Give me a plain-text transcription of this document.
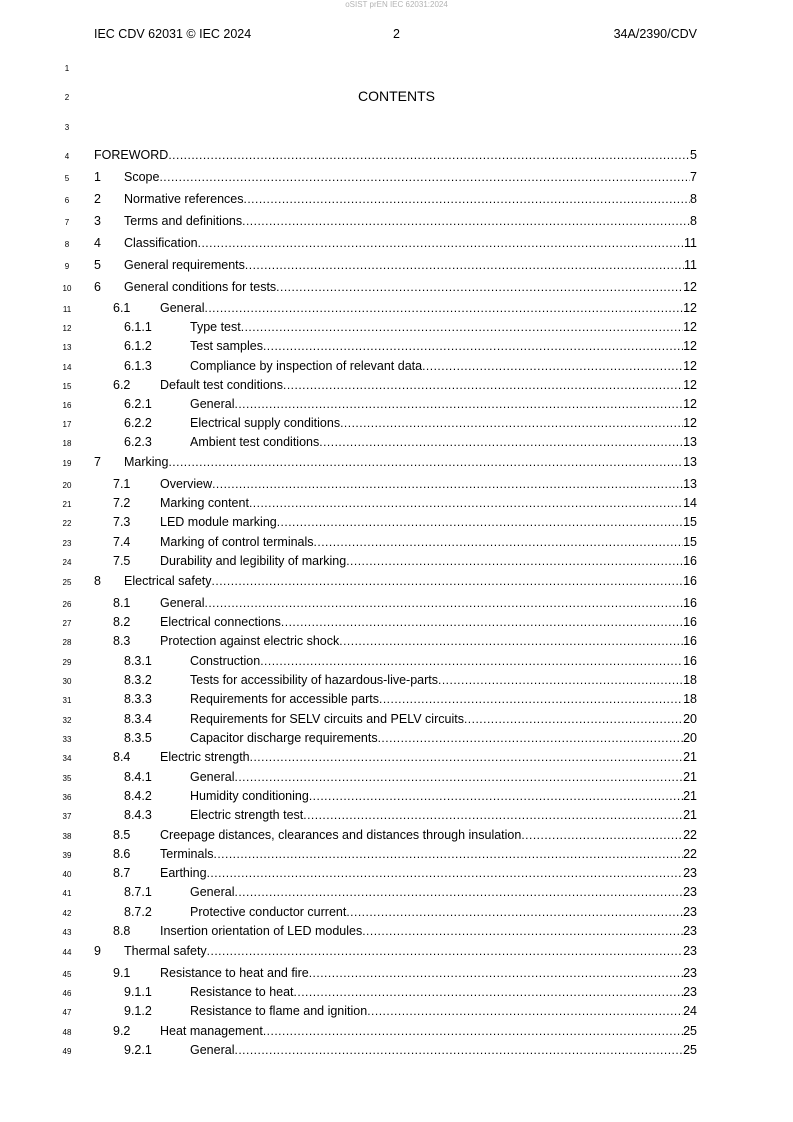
oSIST prEN IEC 62031:2024
IEC CDV 62031 © IEC 2024	2	34A/2390/CDV
CONTENTS
1
2
3
4
5
6
7
8
9
10
11
12
13
14
15
16
17
18
19
20
21
22
23
24
25
26
27
28
29
30
31
32
33
34
35
36
37
38
39
40
41
42
43
44
45
46
47
48
49
FOREWORD .....	5
1 Scope .....	7
2 Normative references .....	8
3 Terms and definitions .....	8
4 Classification .....	11
5 General requirements .....	11
6 General conditions for tests .....	12
6.1 General .....	12
6.1.1	Type test .....	12
6.1.2	Test samples .....	12
6.1.3	Compliance by inspection of relevant data .....	12
6.2 Default test conditions .....	12
6.2.1	General .....	12
6.2.2	Electrical supply conditions .....	12
6.2.3	Ambient test conditions .....	13
7 Marking .....	13
7.1 Overview .....	13
7.2 Marking content .....	14
7.3 LED module marking .....	15
7.4 Marking of control terminals .....	15
7.5 Durability and legibility of marking .....	16
8 Electrical safety .....	16
8.1 General .....	16
8.2 Electrical connections .....	16
8.3 Protection against electric shock .....	16
8.3.1	Construction .....	16
8.3.2	Tests for accessibility of hazardous-live-parts .....	18
8.3.3	Requirements for accessible parts .....	18
8.3.4	Requirements for SELV circuits and PELV circuits .....	20
8.3.5	Capacitor discharge requirements .....	20
8.4 Electric strength .....	21
8.4.1	General .....	21
8.4.2	Humidity conditioning .....	21
8.4.3	Electric strength test .....	21
8.5 Creepage distances, clearances and distances through insulation .....	22
8.6 Terminals .....	22
8.7 Earthing .....	23
8.7.1	General .....	23
8.7.2	Protective conductor current .....	23
8.8 Insertion orientation of LED modules .....	23
9 Thermal safety .....	23
9.1 Resistance to heat and fire .....	23
9.1.1	Resistance to heat .....	23
9.1.2	Resistance to flame and ignition .....	24
9.2 Heat management .....	25
9.2.1	General .....	25
